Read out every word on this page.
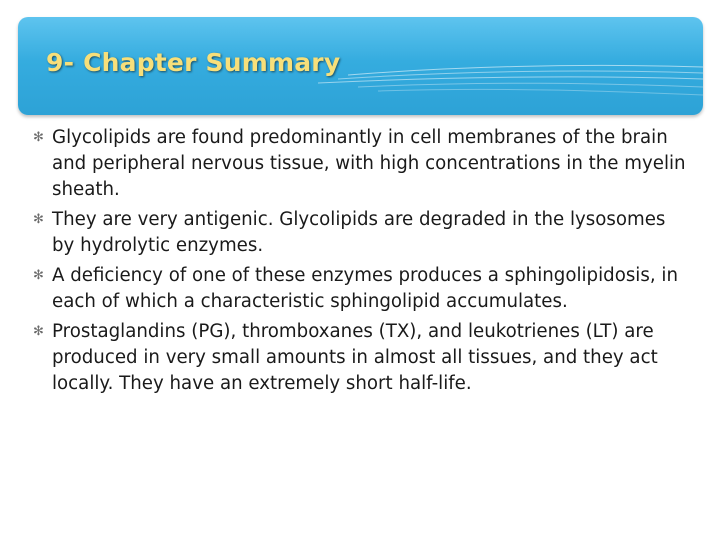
9- Chapter Summary
✻ Glycolipids are found predominantly in cell membranes of the brain and peripheral nervous tissue, with high concentrations in the myelin sheath.
✻ They are very antigenic. Glycolipids are degraded in the lysosomes by hydrolytic enzymes.
✻ A deficiency of one of these enzymes produces a sphingolipidosis, in each of which a characteristic sphingolipid accumulates.
✻ Prostaglandins (PG), thromboxanes (TX), and leukotrienes (LT) are produced in very small amounts in almost all tissues, and they act locally. They have an extremely short half-life.
